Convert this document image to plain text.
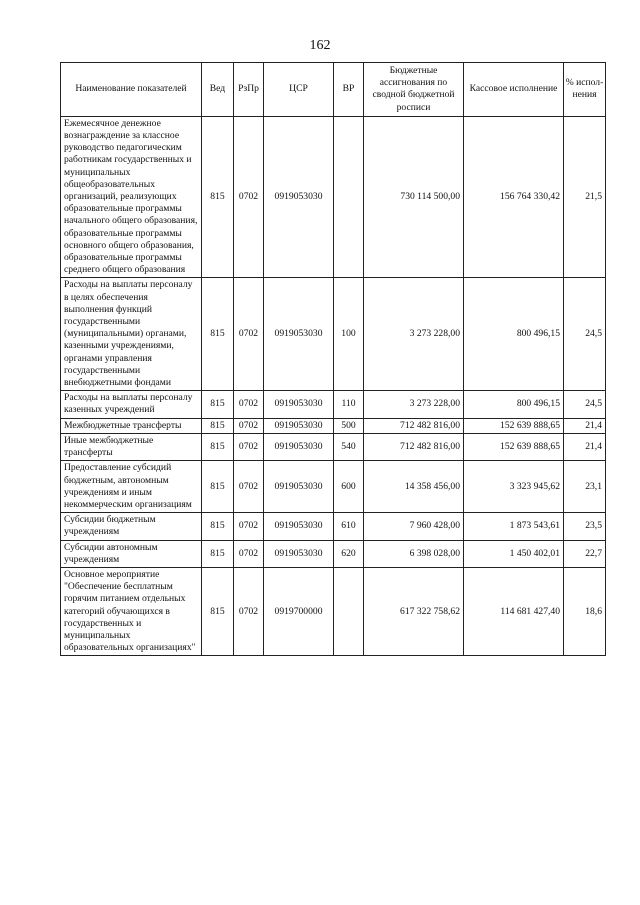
162
Наименование показателей	Вед	РзПр	ЦСР	ВР	Бюджетные ассигнования по сводной бюджетной росписи	Кассовое исполнение	% испол-нения
Ежемесячное денежное вознаграждение за классное руководство педагогическим работникам государственных и муниципальных общеобразовательных организаций, реализующих образовательные программы начального общего образования, образовательные программы основного общего образования, образовательные программы среднего общего образования	815	0702	0919053030		730 114 500,00	156 764 330,42	21,5
Расходы на выплаты персоналу в целях обеспечения выполнения функций государственными (муниципальными) органами, казенными учреждениями, органами управления государственными внебюджетными фондами	815	0702	0919053030	100	3 273 228,00	800 496,15	24,5
Расходы на выплаты персоналу казенных учреждений	815	0702	0919053030	110	3 273 228,00	800 496,15	24,5
Межбюджетные трансферты	815	0702	0919053030	500	712 482 816,00	152 639 888,65	21,4
Иные межбюджетные трансферты	815	0702	0919053030	540	712 482 816,00	152 639 888,65	21,4
Предоставление субсидий бюджетным, автономным учреждениям и иным некоммерческим организациям	815	0702	0919053030	600	14 358 456,00	3 323 945,62	23,1
Субсидии бюджетным учреждениям	815	0702	0919053030	610	7 960 428,00	1 873 543,61	23,5
Субсидии автономным учреждениям	815	0702	0919053030	620	6 398 028,00	1 450 402,01	22,7
Основное мероприятие "Обеспечение бесплатным горячим питанием отдельных категорий обучающихся в государственных и муниципальных образовательных организациях"	815	0702	0919700000		617 322 758,62	114 681 427,40	18,6
